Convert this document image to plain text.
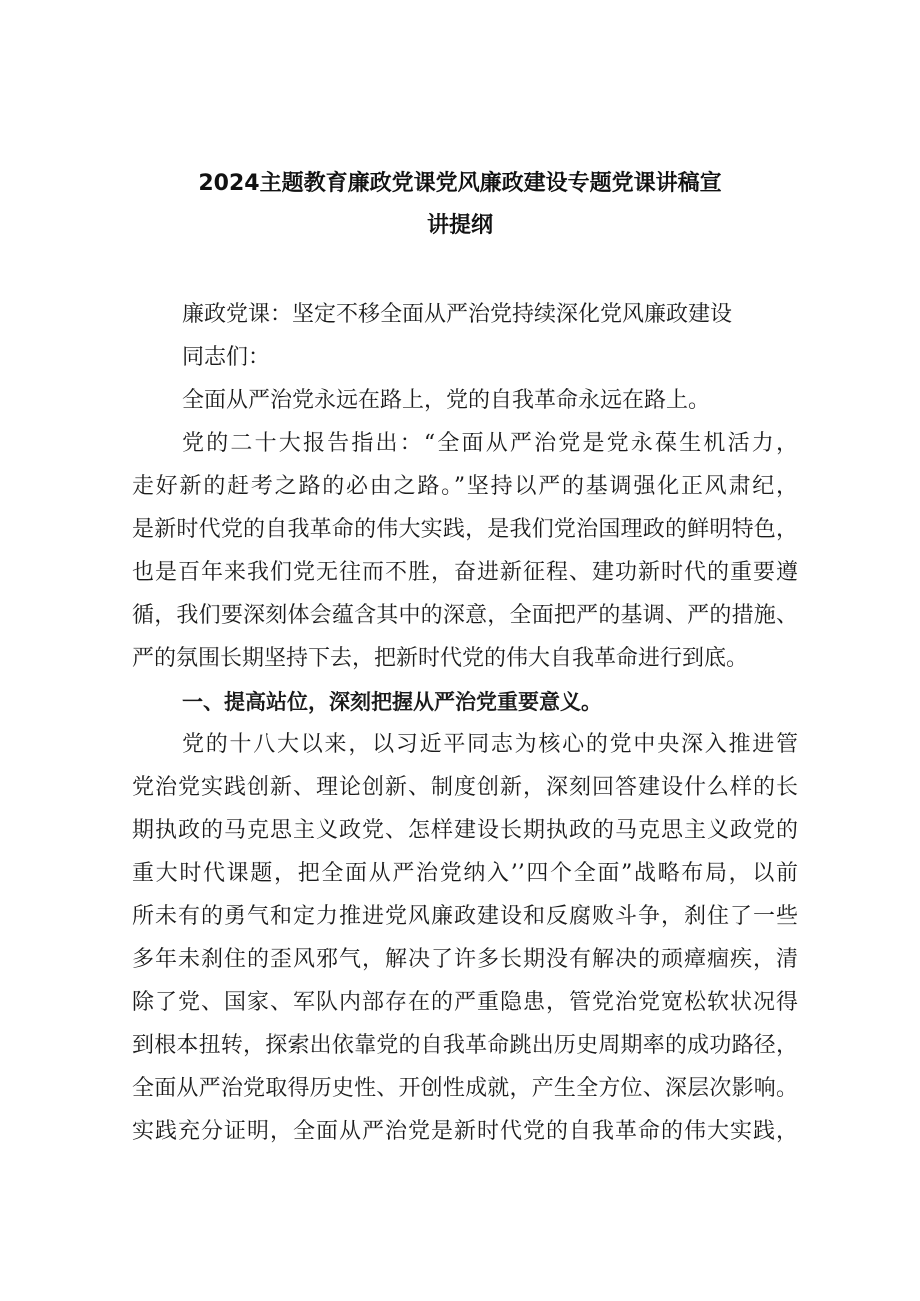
2024主题教育廉政党课党风廉政建设专题党课讲稿宣
讲提纲
廉政党课：坚定不移全面从严治党持续深化党风廉政建设
同志们：
全面从严治党永远在路上，党的自我革命永远在路上。
党的二十大报告指出：“全面从严治党是党永葆生机活力，
走好新的赶考之路的必由之路。”坚持以严的基调强化正风肃纪，
是新时代党的自我革命的伟大实践，是我们党治国理政的鲜明特色，
也是百年来我们党无往而不胜，奋进新征程、建功新时代的重要遵
循，我们要深刻体会蕴含其中的深意，全面把严的基调、严的措施、
严的氛围长期坚持下去，把新时代党的伟大自我革命进行到底。
一、提高站位，深刻把握从严治党重要意义。
党的十八大以来，以习近平同志为核心的党中央深入推进管
党治党实践创新、理论创新、制度创新，深刻回答建设什么样的长
期执政的马克思主义政党、怎样建设长期执政的马克思主义政党的
重大时代课题，把全面从严治党纳入’’四个全面”战略布局，以前
所未有的勇气和定力推进党风廉政建设和反腐败斗争，刹住了一些
多年未刹住的歪风邪气，解决了许多长期没有解决的顽瘴痼疾，清
除了党、国家、军队内部存在的严重隐患，管党治党宽松软状况得
到根本扭转，探索出依靠党的自我革命跳出历史周期率的成功路径，
全面从严治党取得历史性、开创性成就，产生全方位、深层次影响。
实践充分证明，全面从严治党是新时代党的自我革命的伟大实践，
